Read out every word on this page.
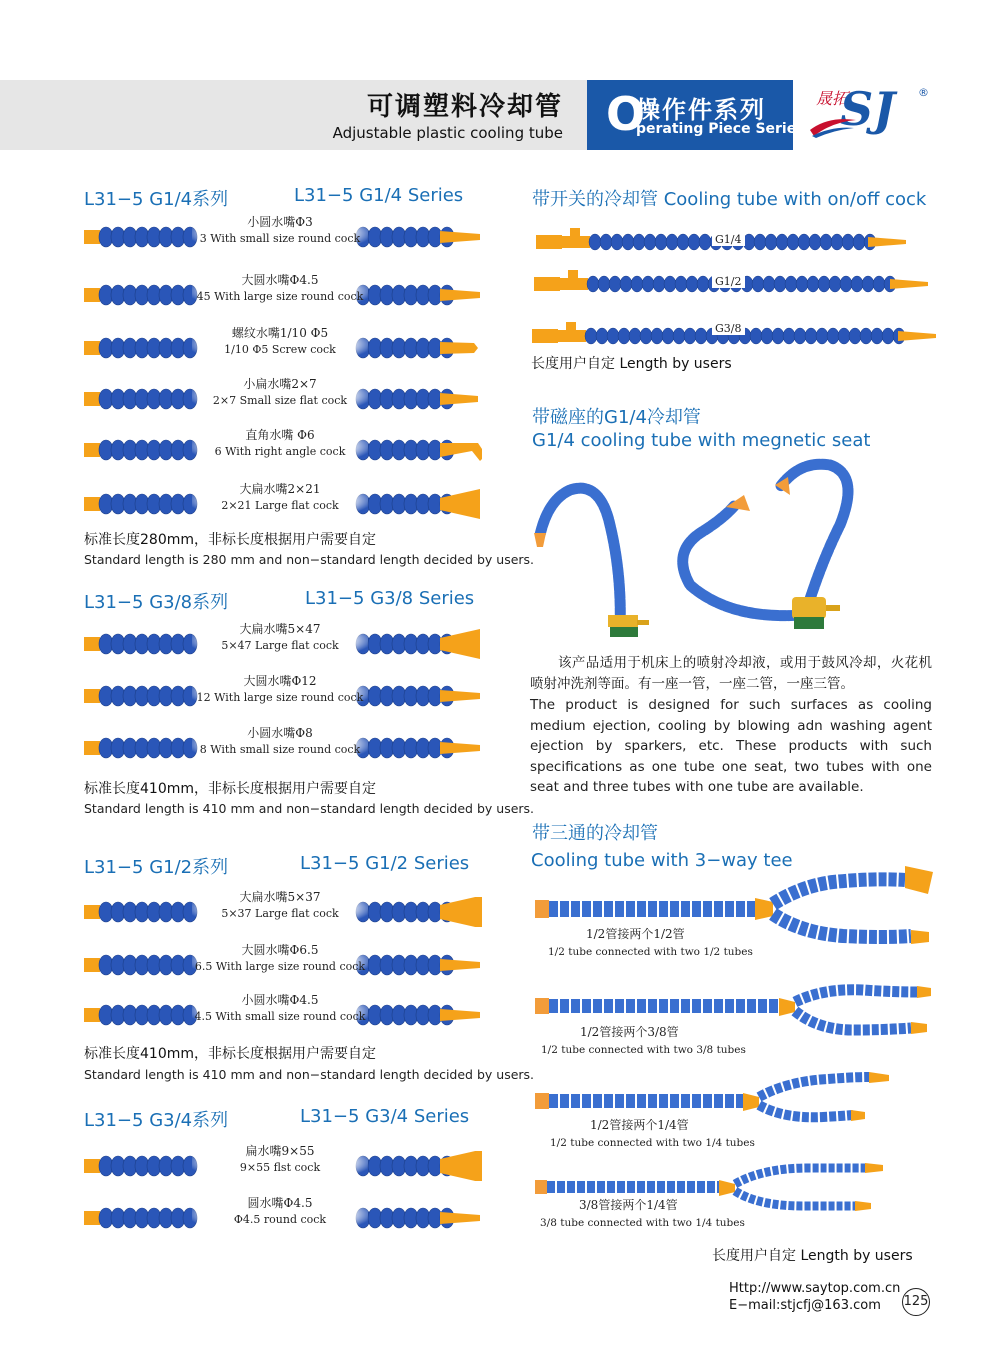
可调塑料冷却管
Adjustable plastic cooling tube O
操作件系列
perating Piece Series
晟拓
SJ ®
L31−5 G1/4系列	L31−5 G1/4 Series
小圆水嘴Φ3
3 With small size round cock
大圆水嘴Φ4.5
45 With large size round cock
螺纹水嘴1/10 Φ5
1/10 Φ5 Screw cock
小扁水嘴2×7
2×7 Small size flat cock
直角水嘴 Φ6
6 With right angle cock
大扁水嘴2×21
2×21 Large flat cock
标准长度280mm，非标长度根据用户需要自定
Standard length is 280 mm and non−standard length decided by users.
L31−5 G3/8系列	L31−5 G3/8 Series
大扁水嘴5×47
5×47 Large flat cock
大圆水嘴Φ12
12 With large size round cock
小圆水嘴Φ8
8 With small size round cock
标准长度410mm，非标长度根据用户需要自定
Standard length is 410 mm and non−standard length decided by users.
L31−5 G1/2系列	L31−5 G1/2 Series
大扁水嘴5×37
5×37 Large flat cock
大圆水嘴Φ6.5
6.5 With large size round cock
小圆水嘴Φ4.5
4.5 With small size round cock
标准长度410mm，非标长度根据用户需要自定
Standard length is 410 mm and non−standard length decided by users.
L31−5 G3/4系列	L31−5 G3/4 Series
扁水嘴9×55
9×55 flst cock
圆水嘴Φ4.5
Φ4.5 round cock
带开关的冷却管 Cooling tube with on/off cock
G1/4
G1/2
G3/8
长度用户自定 Length by users
带磁座的G1/4冷却管
G1/4 cooling tube with megnetic seat
该产品适用于机床上的喷射冷却液，或用于鼓风冷却，火花机喷射冲洗剂等面。有一座一管，一座二管，一座三管。
The product is designed for such surfaces as cooling medium ejection, cooling by blowing adn washing agent ejection by sparkers, etc. These products with such specifications as one tube one seat, two tubes with one seat and three tubes with one tube are available.
带三通的冷却管
Cooling tube with 3−way tee
1/2管接两个1/2管
1/2 tube connected with two 1/2 tubes
1/2管接两个3/8管
1/2 tube connected with two 3/8 tubes
1/2管接两个1/4管
1/2 tube connected with two 1/4 tubes
3/8管接两个1/4管
3/8 tube connected with two 1/4 tubes
长度用户自定 Length by users
Http://www.saytop.com.cn
E−mail:stjcfj@163.com 125
